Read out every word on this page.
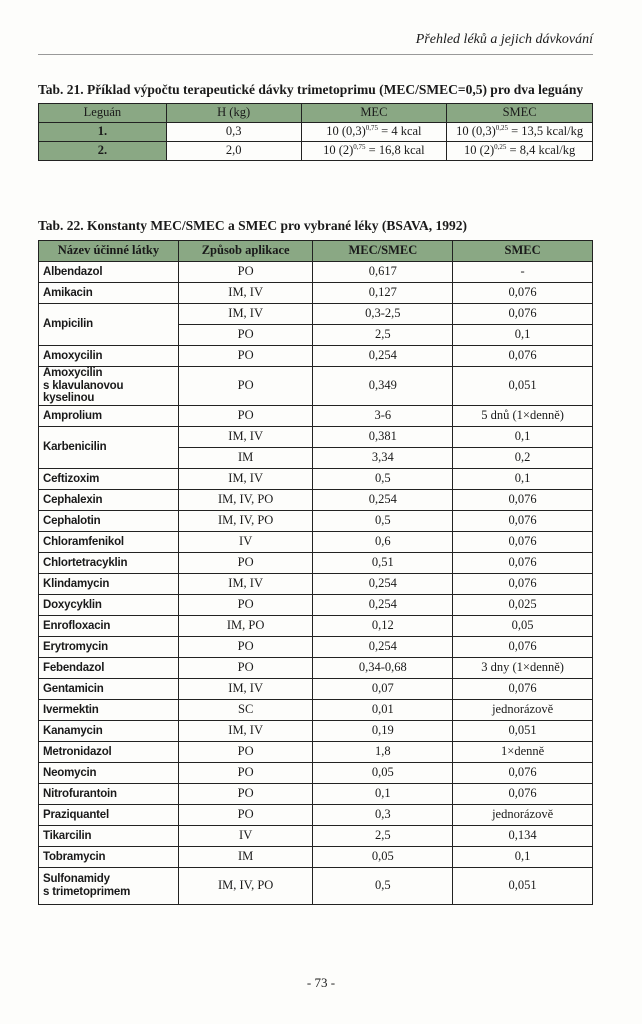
Přehled léků a jejich dávkování
Tab. 21. Příklad výpočtu terapeutické dávky trimetoprimu (MEC/SMEC=0,5) pro dva leguány
Leguán	H (kg)	MEC	SMEC
1.	0,3	10 $(0,3)^{0,75} = 4$ kcal	10 $(0,3)^{0,25} = 13,5$ kcal/kg
2.	2,0	10 $(2)^{0,75} = 16,8$ kcal	10 $(2)^{0,25} = 8,4$ kcal/kg
Tab. 22. Konstanty MEC/SMEC a SMEC pro vybrané léky (BSAVA, 1992)
Název účinné látky	Způsob aplikace	MEC/SMEC	SMEC
Albendazol	PO	0,617	-
Amikacin	IM, IV	0,127	0,076
Ampicilin	IM, IV	0,3-2,5	0,076
	PO	2,5	0,1
Amoxycilin	PO	0,254	0,076
Amoxycilin
s klavulanovou kyselinou	PO	0,349	0,051
Amprolium	PO	3-6	5 dnů (1×denně)
Karbenicilin	IM, IV	0,381	0,1
	IM	3,34	0,2
Ceftizoxim	IM, IV	0,5	0,1
Cephalexin	IM, IV, PO	0,254	0,076
Cephalotin	IM, IV, PO	0,5	0,076
Chloramfenikol	IV	0,6	0,076
Chlortetracyklin	PO	0,51	0,076
Klindamycin	IM, IV	0,254	0,076
Doxycyklin	PO	0,254	0,025
Enrofloxacin	IM, PO	0,12	0,05
Erytromycin	PO	0,254	0,076
Febendazol	PO	0,34-0,68	3 dny (1×denně)
Gentamicin	IM, IV	0,07	0,076
Ivermektin	SC	0,01	jednorázově
Kanamycin	IM, IV	0,19	0,051
Metronidazol	PO	1,8	1×denně
Neomycin	PO	0,05	0,076
Nitrofurantoin	PO	0,1	0,076
Praziquantel	PO	0,3	jednorázově
Tikarcilin	IV	2,5	0,134
Tobramycin	IM	0,05	0,1
Sulfonamidy
s trimetoprimem	IM, IV, PO	0,5	0,051
- 73 -
